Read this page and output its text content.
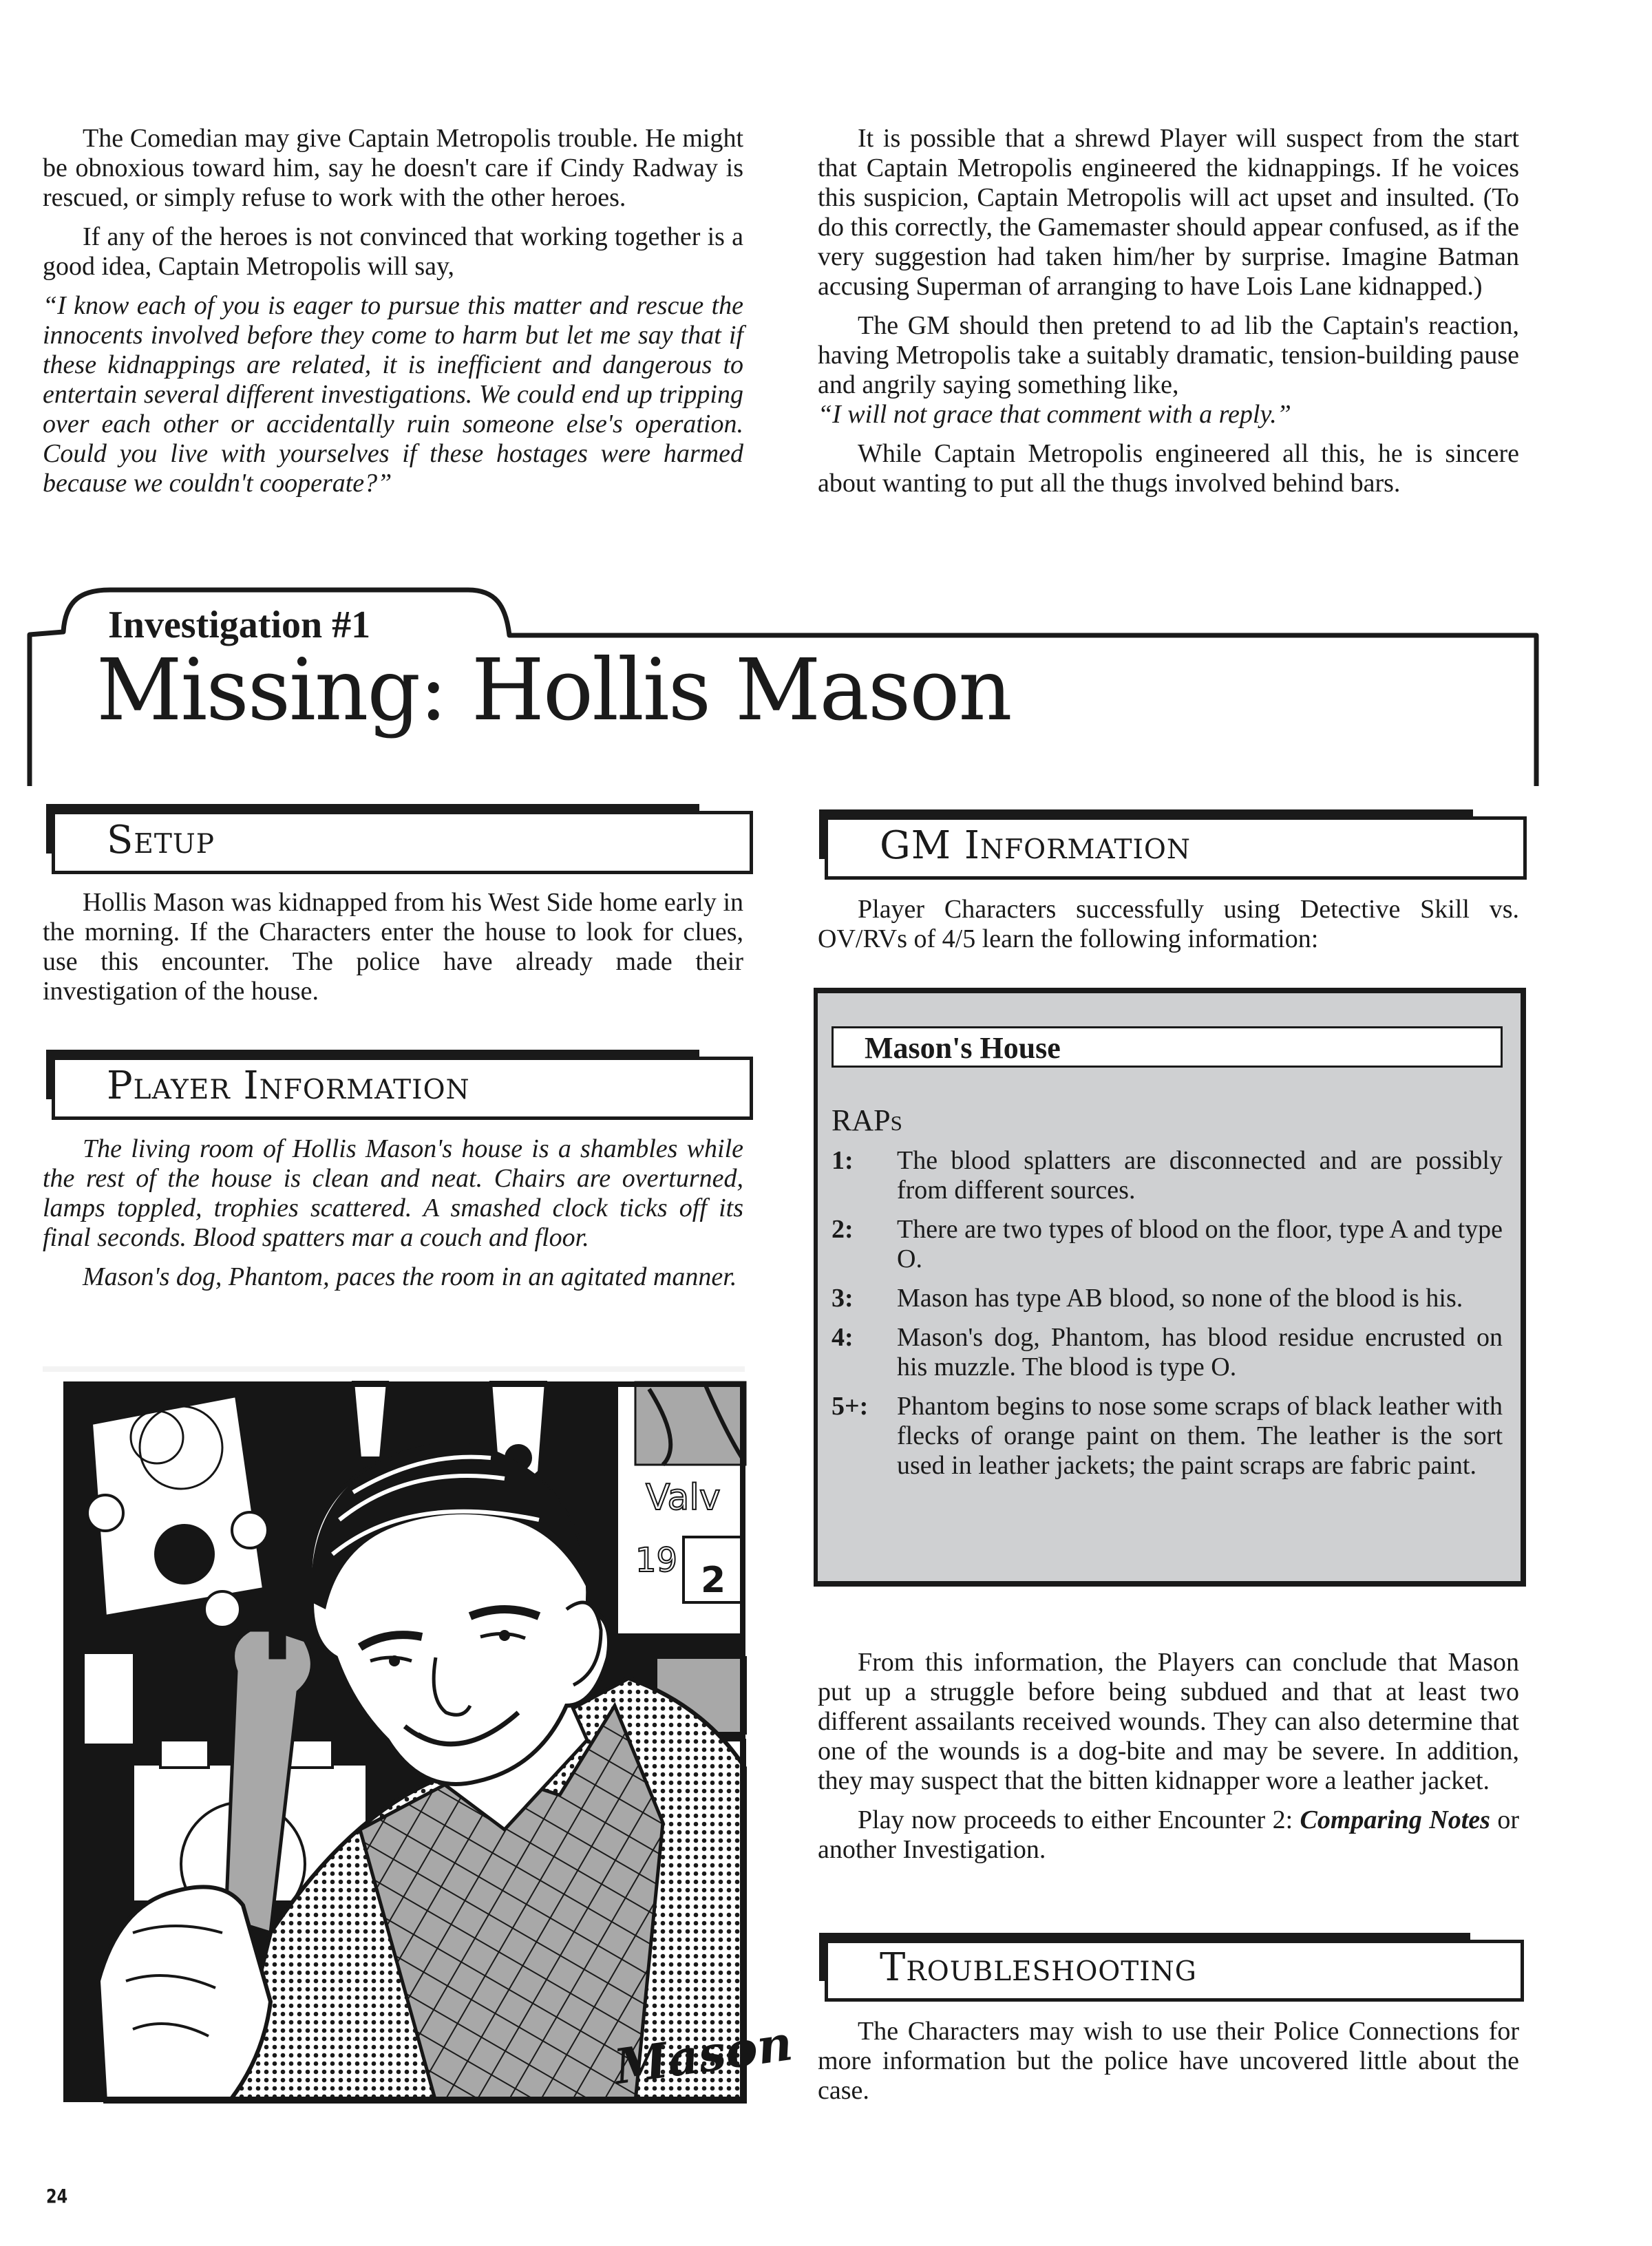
The Comedian may give Captain Metropolis trouble. He might be obnoxious toward him, say he doesn't care if Cindy Radway is rescued, or simply refuse to work with the other heroes.

If any of the heroes is not convinced that working together is a good idea, Captain Metropolis will say,

“I know each of you is eager to pursue this matter and rescue the innocents involved before they come to harm but let me say that if these kidnappings are related, it is inefficient and dangerous to entertain several different investigations. We could end up tripping over each other or accidentally ruin someone else's operation. Could you live with yourselves if these hostages were harmed because we couldn't cooperate?”

It is possible that a shrewd Player will suspect from the start that Captain Metropolis engineered the kidnappings. If he voices this suspicion, Captain Metropolis will act upset and insulted. (To do this correctly, the Gamemaster should appear confused, as if the very suggestion had taken him/her by surprise. Imagine Batman accusing Superman of arranging to have Lois Lane kidnapped.)

The GM should then pretend to ad lib the Captain's reaction, having Metropolis take a suitably dramatic, tension-building pause and angrily saying something like,

“I will not grace that comment with a reply.”

While Captain Metropolis engineered all this, he is sincere about wanting to put all the thugs involved behind bars.

Investigation #1
Missing: Hollis Mason
Setup

Hollis Mason was kidnapped from his West Side home early in the morning. If the Characters enter the house to look for clues, use this encounter. The police have already made their investigation of the house.

Player Information

The living room of Hollis Mason's house is a shambles while the rest of the house is clean and neat. Chairs are overturned, lamps toppled, trophies scattered. A smashed clock ticks off its final seconds. Blood spatters mar a couch and floor.

Mason's dog, Phantom, paces the room in an agitated manner.

Valv
19 2
Mason
24
GM Information

Player Characters successfully using Detective Skill vs. OV/RVs of 4/5 learn the following information:

Mason's House
RAPs
1:	The blood splatters are disconnected and are possibly from different sources.
2:	There are two types of blood on the floor, type A and type O.
3:	Mason has type AB blood, so none of the blood is his.
4:	Mason's dog, Phantom, has blood residue encrusted on his muzzle. The blood is type O.
5+:	Phantom begins to nose some scraps of black leather with flecks of orange paint on them. The leather is the sort used in leather jackets; the paint scraps are fabric paint.

From this information, the Players can conclude that Mason put up a struggle before being subdued and that at least two different assailants received wounds. They can also determine that one of the wounds is a dog-bite and may be severe. In addition, they may suspect that the bitten kidnapper wore a leather jacket.

Play now proceeds to either Encounter 2: Comparing Notes or another Investigation.

Troubleshooting

The Characters may wish to use their Police Connections for more information but the police have uncovered little about the case.
